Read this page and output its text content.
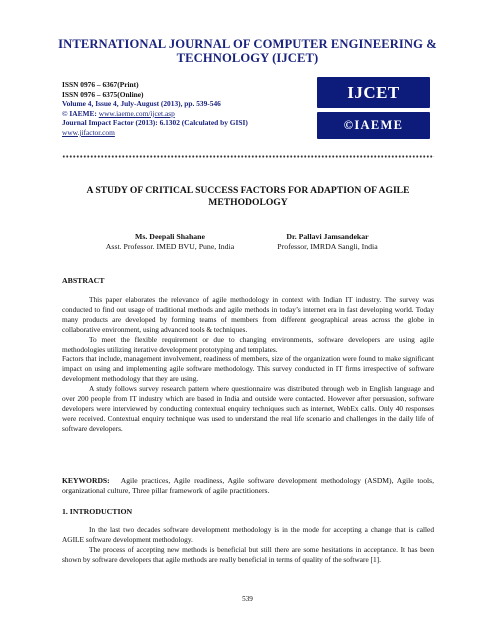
INTERNATIONAL JOURNAL OF COMPUTER ENGINEERING &
TECHNOLOGY (IJCET)
ISSN 0976 – 6367(Print)
ISSN 0976 – 6375(Online)
Volume 4, Issue 4, July-August (2013), pp. 539-546
© IAEME: www.iaeme.com/ijcet.asp
Journal Impact Factor (2013): 6.1302 (Calculated by GISI)
www.jifactor.com
IJCET
©IAEME
A STUDY OF CRITICAL SUCCESS FACTORS FOR ADAPTION OF AGILE
METHODOLOGY
Ms. Deepali Shahane
Asst. Professor. IMED BVU, Pune, India
Dr. Pallavi Jamsandekar
Professor, IMRDA Sangli, India
ABSTRACT

This paper elaborates the relevance of agile methodology in context with Indian IT industry. The survey was conducted to find out usage of traditional methods and agile methods in today’s internet era in fast developing world. Today many products are developed by forming teams of members from different geographical areas across the globe in collaborative environment, using advanced tools & techniques.

To meet the flexible requirement or due to changing environments, software developers are using agile methodologies utilizing iterative development prototyping and templates.

Factors that include, management involvement, readiness of members, size of the organization were found to make significant impact on using and implementing agile software methodology. This survey conducted in IT firms irrespective of software development methodology that they are using.

A study follows survey research pattern where questionnaire was distributed through web in English language and over 200 people from IT industry which are based in India and outside were contacted. However after persuasion, software developers were interviewed by conducting contextual enquiry techniques such as internet, WebEx calls. Only 40 responses were received. Contextual enquiry technique was used to understand the real life scenario and challenges in the daily life of software developers.

KEYWORDS: Agile practices, Agile readiness, Agile software development methodology (ASDM), Agile tools, organizational culture, Three pillar framework of agile practitioners.
1. INTRODUCTION

In the last two decades software development methodology is in the mode for accepting a change that is called AGILE software development methodology.

The process of accepting new methods is beneficial but still there are some hesitations in acceptance. It has been shown by software developers that agile methods are really beneficial in terms of quality of the software [1].

539
